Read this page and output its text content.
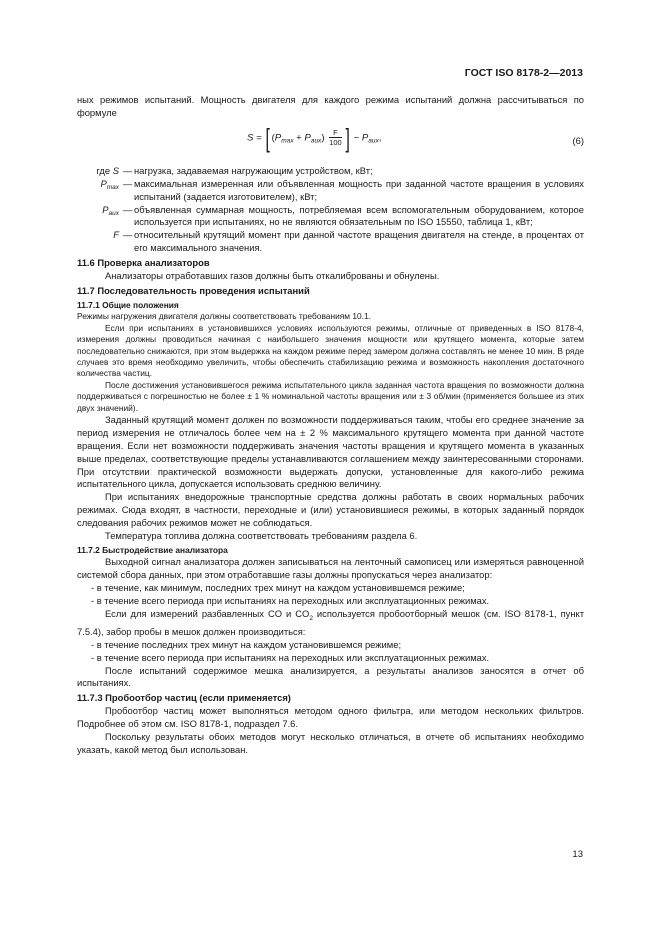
ГОСТ ISO 8178-2—2013

ных режимов испытаний. Мощность двигателя для каждого режима испытаний должна рассчитываться по формуле

$S = [(P_{max} + P_{aux}) \frac{F}{100}$ ] − $P_{aux}$,	(6)
где S — нагрузка, задаваемая нагружающим устройством, кВт;
$P_{max}$ — максимальная измеренная или объявленная мощность при заданной частоте вращения в условиях испытаний (задается изготовителем), кВт;
$P_{aux}$ — объявленная суммарная мощность, потребляемая всем вспомогательным оборудованием, которое используется при испытаниях, но не являются обязательным по ISO 15550, таблица 1, кВт;
F — относительный крутящий момент при данной частоте вращения двигателя на стенде, в процентах от его максимального значения.

11.6 Проверка анализаторов

Анализаторы отработавших газов должны быть откалиброваны и обнулены.

11.7 Последовательность проведения испытаний

11.7.1 Общие положения

Режимы нагружения двигателя должны соответствовать требованиям 10.1.

Если при испытаниях в установившихся условиях используются режимы, отличные от приведенных в ISO 8178-4, измерения должны проводиться начиная с наибольшего значения мощности или крутящего момента, которые затем последовательно снижаются, при этом выдержка на каждом режиме перед замером должна составлять не менее 10 мин. В ряде случаев это время необходимо увеличить, чтобы обеспечить стабилизацию режима и возможность накопления достаточного количества частиц.

После достижения установившегося режима испытательного цикла заданная частота вращения по возможности должна поддерживаться с погрешностью не более ± 1 % номинальной частоты вращения или ± 3 об/мин (применяется большее из этих двух значений).

Заданный крутящий момент должен по возможности поддерживаться таким, чтобы его среднее значение за период измерения не отличалось более чем на ± 2 % максимального крутящего момента при данной частоте вращения. Если нет возможности поддерживать значения частоты вращения и крутящего момента в указанных выше пределах, соответствующие пределы устанавливаются соглашением между заинтересованными сторонами. При отсутствии практической возможности выдержать допуски, установленные для какого-либо режима испытательного цикла, допускается использовать среднюю величину.

При испытаниях внедорожные транспортные средства должны работать в своих нормальных рабочих режимах. Сюда входят, в частности, переходные и (или) установившиеся режимы, в которых заданный порядок следования рабочих режимов может не соблюдаться.

Температура топлива должна соответствовать требованиям раздела 6.

11.7.2 Быстродействие анализатора

Выходной сигнал анализатора должен записываться на ленточный самописец или измеряться равноценной системой сбора данных, при этом отработавшие газы должны пропускаться через анализатор:

- в течение, как минимум, последних трех минут на каждом установившемся режиме;

- в течение всего периода при испытаниях на переходных или эксплуатационных режимах.

Если для измерений разбавленных CO и $CO_2$ используется пробоотборный мешок (см. ISO 8178-1, пункт 7.5.4), забор пробы в мешок должен производиться:

- в течение последних трех минут на каждом установившемся режиме;

- в течение всего периода при испытаниях на переходных или эксплуатационных режимах.

После испытаний содержимое мешка анализируется, а результаты анализов заносятся в отчет об испытаниях.

11.7.3 Пробоотбор частиц (если применяется)

Пробоотбор частиц может выполняться методом одного фильтра, или методом нескольких фильтров. Подробнее об этом см. ISO 8178-1, подраздел 7.6.

Поскольку результаты обоих методов могут несколько отличаться, в отчете об испытаниях необходимо указать, какой метод был использован.

13
